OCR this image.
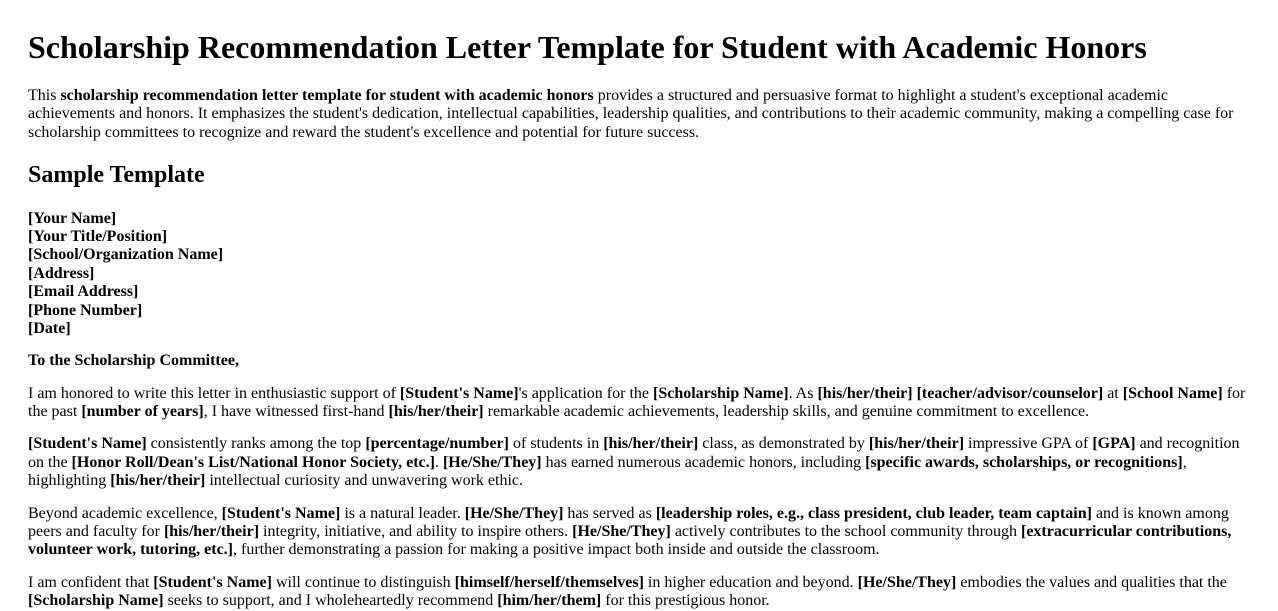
Scholarship Recommendation Letter Template for Student with Academic Honors

This scholarship recommendation letter template for student with academic honors provides a structured and persuasive format to highlight a student's exceptional academic achievements and honors. It emphasizes the student's dedication, intellectual capabilities, leadership qualities, and contributions to their academic community, making a compelling case for scholarship committees to recognize and reward the student's excellence and potential for future success.

Sample Template

[Your Name]
[Your Title/Position]
[School/Organization Name]
[Address]
[Email Address]
[Phone Number]
[Date]

To the Scholarship Committee,

I am honored to write this letter in enthusiastic support of [Student's Name]'s application for the [Scholarship Name]. As [his/her/their] [teacher/advisor/counselor] at [School Name] for the past [number of years], I have witnessed first-hand [his/her/their] remarkable academic achievements, leadership skills, and genuine commitment to excellence.

[Student's Name] consistently ranks among the top [percentage/number] of students in [his/her/their] class, as demonstrated by [his/her/their] impressive GPA of [GPA] and recognition on the [Honor Roll/Dean's List/National Honor Society, etc.]. [He/She/They] has earned numerous academic honors, including [specific awards, scholarships, or recognitions], highlighting [his/her/their] intellectual curiosity and unwavering work ethic.

Beyond academic excellence, [Student's Name] is a natural leader. [He/She/They] has served as [leadership roles, e.g., class president, club leader, team captain] and is known among peers and faculty for [his/her/their] integrity, initiative, and ability to inspire others. [He/She/They] actively contributes to the school community through [extracurricular contributions, volunteer work, tutoring, etc.], further demonstrating a passion for making a positive impact both inside and outside the classroom.

I am confident that [Student's Name] will continue to distinguish [himself/herself/themselves] in higher education and beyond. [He/She/They] embodies the values and qualities that the [Scholarship Name] seeks to support, and I wholeheartedly recommend [him/her/them] for this prestigious honor.
